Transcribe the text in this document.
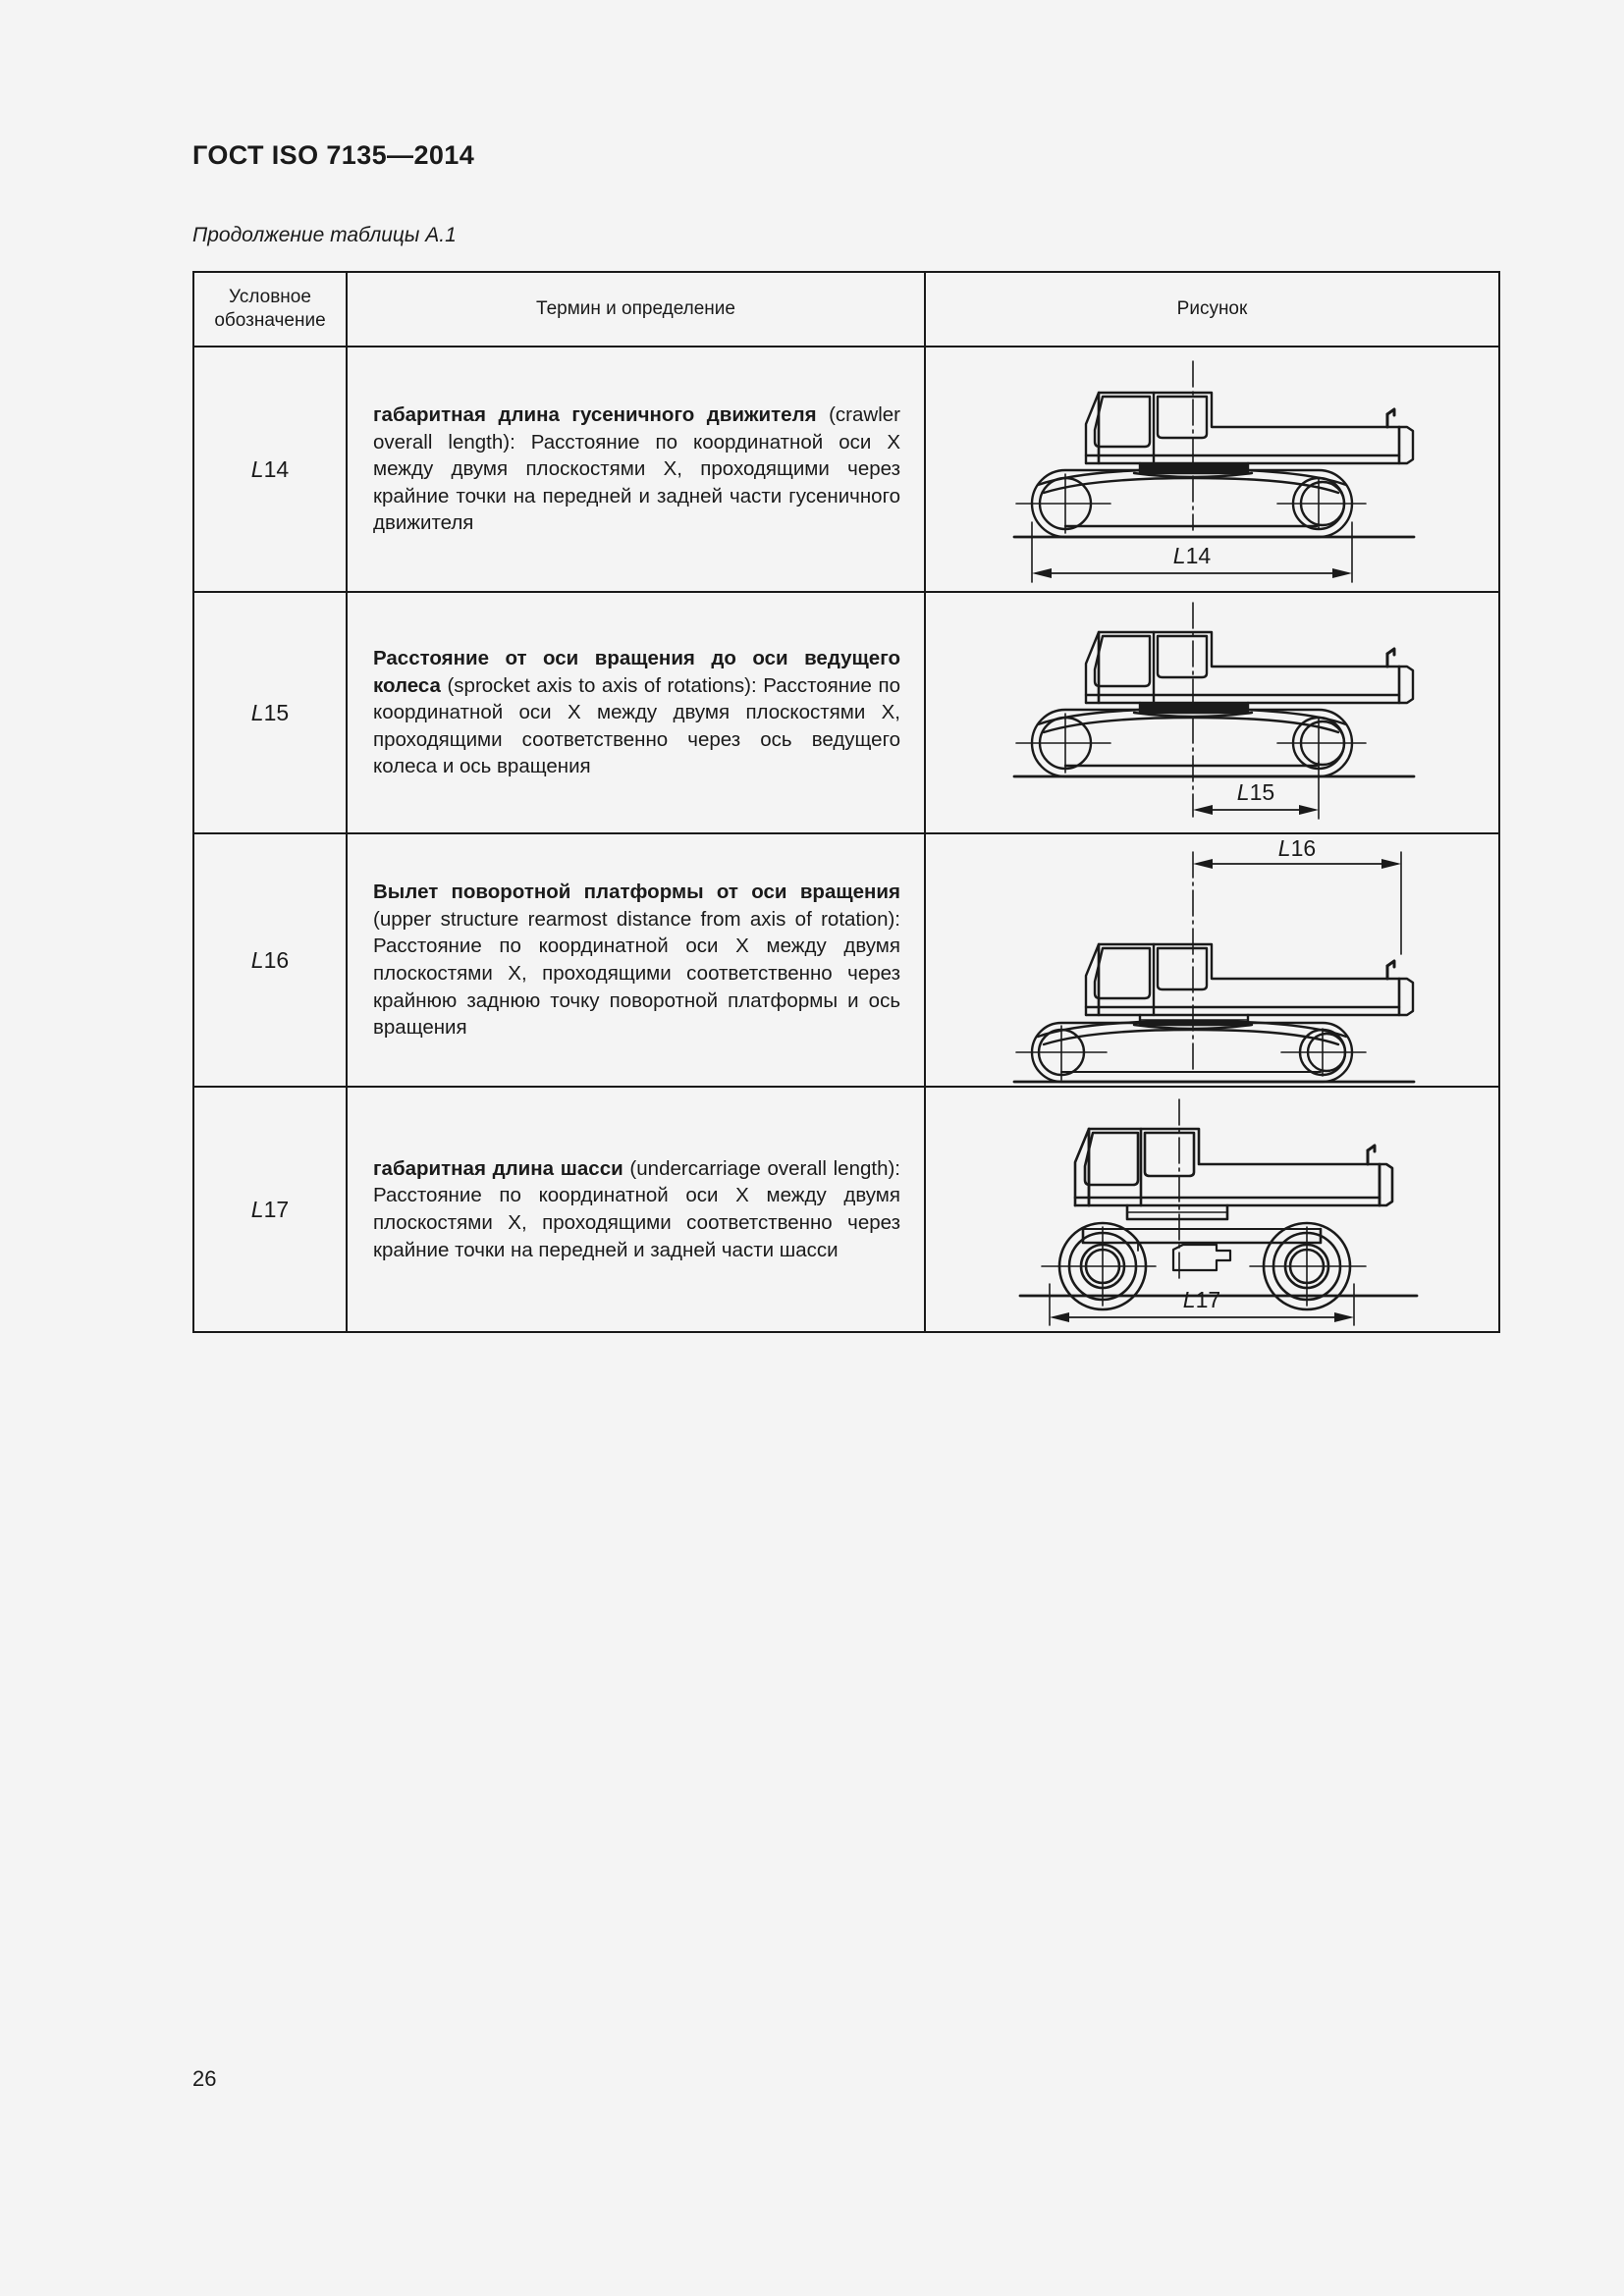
ГОСТ ISO 7135—2014
Продолжение таблицы А.1
Условное
обозначение	Термин и определение	Рисунок
L14	габаритная длина гусеничного движителя (crawler overall length): Расстояние по координатной оси Х между двумя плоскостями Х, проходящими через крайние точки на передней и задней части гусеничного движителя	L14

L15	Расстояние от оси вращения до оси ведущего колеса (sprocket axis to axis of rotations): Расстояние по координатной оси Х между двумя плоскостями Х, проходящими соответственно через ось ведущего колеса и ось вращения	L15

L16	Вылет поворотной платформы от оси вращения (upper structure rearmost distance from axis of rotation): Расстояние по координатной оси Х между двумя плоскостями Х, проходящими соответственно через крайнюю заднюю точку поворотной платформы и ось вращения	L16

L17	габаритная длина шасси (undercarriage overall length): Расстояние по координатной оси Х между двумя плоскостями Х, проходящими соответственно через крайние точки на передней и задней части шасси	L17
26
